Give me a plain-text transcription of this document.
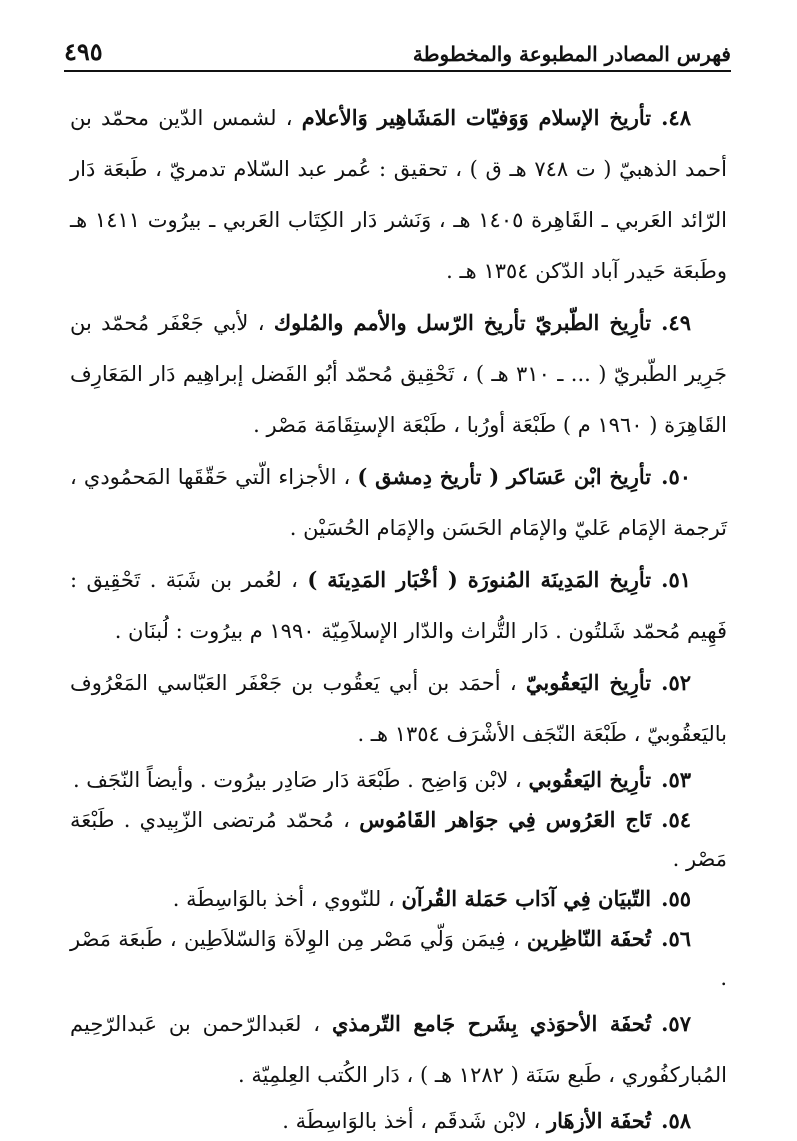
٤٩٥	فهرس المصادر المطبوعة والمخطوطة

٤٨.تأريخ الإسلام وَوَفيّات المَشَاهِير وَالأعلام ، لشمس الدّين محمّد بن أحمد الذهبيّ ( ت ٧٤٨ هـ ق ) ، تحقيق : عُمر عبد السّلام تدمريّ ، طَبعَة دَار الرّائد العَربي ـ القَاهِرة ١٤٠٥ هـ ، وَنَشر دَار الكِتَاب العَربي ـ بيرُوت ١٤١١ هـ وطَبعَة حَيدر آباد الدّكن ١٣٥٤ هـ .

٤٩.تأرِيخ الطّبريّ تأريخ الرّسل والأمم والمُلوك ، لأبي جَعْفَر مُحمّد بن جَرِير الطّبريّ ( ... ـ ٣١٠ هـ ) ، تَحْقِيق مُحمّد أبُو الفَضل إبراهِيم دَار المَعَارِف القَاهِرَة ( ١٩٦٠ م ) طَبْعَة أورُبا ، طَبْعَة الإستِقَامَة مَصْر .

٥٠.تأرِيخ ابْن عَسَاكر ( تأريخ دِمشق ) ، الأجزاء الّتي حَقّقَها المَحمُودي ، تَرجمة الإمَام عَليّ والإمَام الحَسَن والإمَام الحُسَيْن .

٥١.تأرِيخ المَدِينَة المُنورَة ( أخْبَار المَدِينَة ) ، لعُمر بن شَبَة . تَحْقِيق : فَهِيم مُحمّد شَلتُون . دَار التُّراث والدّار الإسلاَمِيّة ١٩٩٠ م بيرُوت : لُبنَان .

٥٢.تأرِيخ اليَعقُوبيّ ، أحمَد بن أبي يَعقُوب بن جَعْفَر العَبّاسي المَعْرُوف باليَعقُوبيّ ، طَبْعَة النّجَف الأشْرَف ١٣٥٤ هـ .

٥٣.تأرِيخ اليَعقُوبي ، لابْن وَاضِح . طَبْعَة دَار صَادِر بيرُوت . وأيضاً النّجَف .

٥٤.تَاج العَرُوس فِي جوَاهر القَامُوس ، مُحمّد مُرتضى الزّبِيدي . طَبْعَة مَصْر .

٥٥.التّبيَان فِي آدَاب حَمَلة القُرآن ، للنّووي ، أخذ بالوَاسِطَة .

٥٦.تُحفَة النّاظِرين ، فِيمَن وَلّي مَصْر مِن الوِلاَة وَالسّلاَطِين ، طَبعَة مَصْر .

٥٧.تُحفَة الأحوَذي بِشَرح جَامع التّرمذي ، لعَبدالرّحمن بن عَبدالرّحِيم المُباركفُوري ، طَبع سَنَة ( ١٢٨٢ هـ ) ، دَار الكُتب العِلمِيّة .

٥٨.تُحفَة الأزهَار ، لابْن شَدقَم ، أخذ بالوَاسِطَة .
